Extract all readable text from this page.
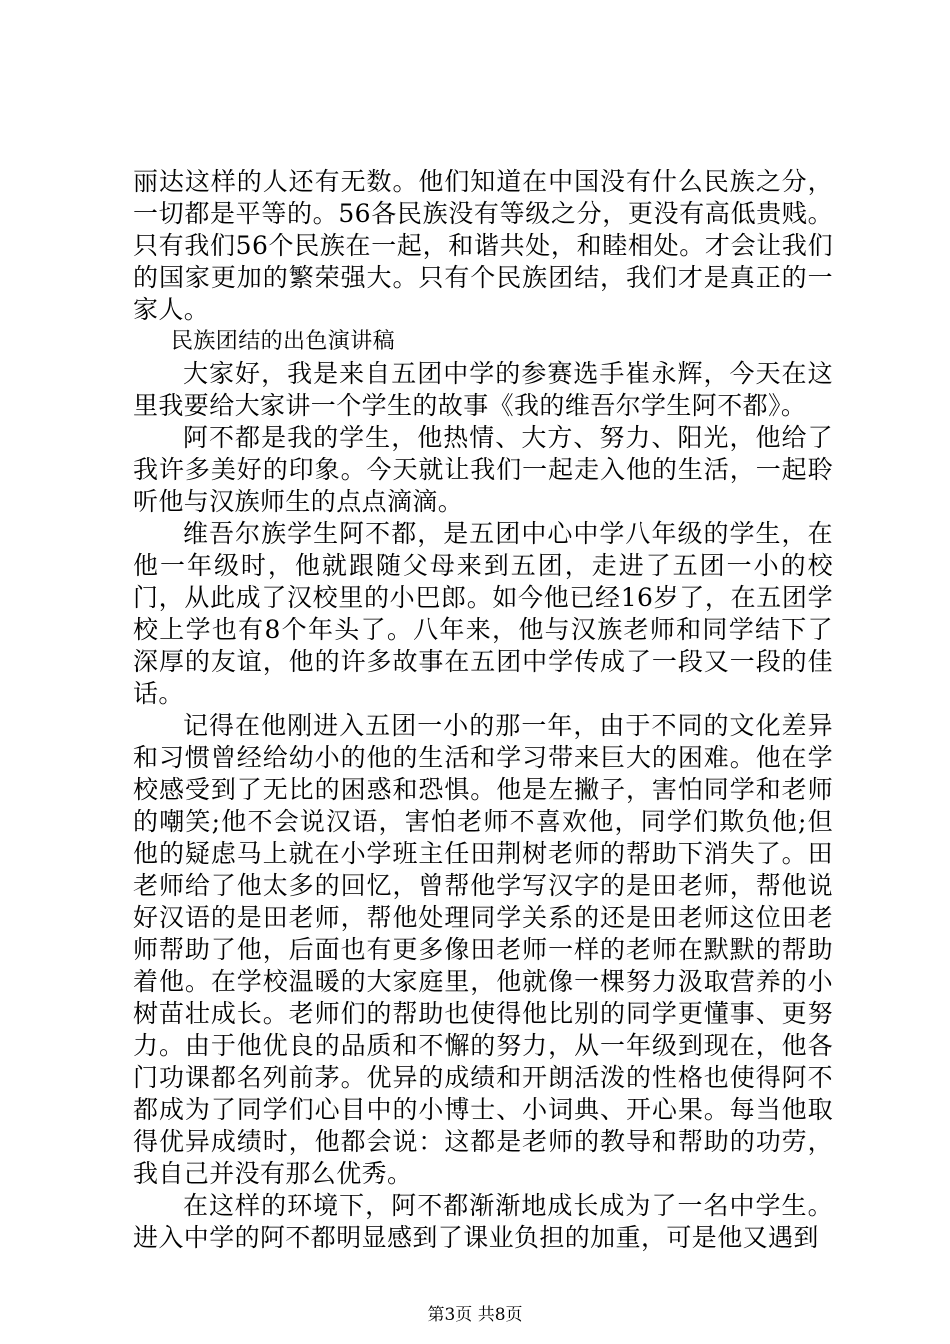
丽达这样的人还有无数。他们知道在中国没有什么民族之分，一切都是平等的。56各民族没有等级之分，更没有高低贵贱。只有我们56个民族在一起，和谐共处，和睦相处。才会让我们的国家更加的繁荣强大。只有个民族团结，我们才是真正的一家人。

民族团结的出色演讲稿

大家好，我是来自五团中学的参赛选手崔永辉，今天在这里我要给大家讲一个学生的故事《我的维吾尔学生阿不都》。

阿不都是我的学生，他热情、大方、努力、阳光，他给了我许多美好的印象。今天就让我们一起走入他的生活，一起聆听他与汉族师生的点点滴滴。

维吾尔族学生阿不都，是五团中心中学八年级的学生，在他一年级时，他就跟随父母来到五团，走进了五团一小的校门，从此成了汉校里的小巴郎。如今他已经16岁了，在五团学校上学也有8个年头了。八年来，他与汉族老师和同学结下了深厚的友谊，他的许多故事在五团中学传成了一段又一段的佳话。

记得在他刚进入五团一小的那一年，由于不同的文化差异和习惯曾经给幼小的他的生活和学习带来巨大的困难。他在学校感受到了无比的困惑和恐惧。他是左撇子，害怕同学和老师的嘲笑;他不会说汉语，害怕老师不喜欢他，同学们欺负他;但他的疑虑马上就在小学班主任田荆树老师的帮助下消失了。田老师给了他太多的回忆，曾帮他学写汉字的是田老师，帮他说好汉语的是田老师，帮他处理同学关系的还是田老师这位田老师帮助了他，后面也有更多像田老师一样的老师在默默的帮助着他。在学校温暖的大家庭里，他就像一棵努力汲取营养的小树苗壮成长。老师们的帮助也使得他比别的同学更懂事、更努力。由于他优良的品质和不懈的努力，从一年级到现在，他各门功课都名列前茅。优异的成绩和开朗活泼的性格也使得阿不都成为了同学们心目中的小博士、小词典、开心果。每当他取得优异成绩时，他都会说：这都是老师的教导和帮助的功劳，我自己并没有那么优秀。

在这样的环境下，阿不都渐渐地成长成为了一名中学生。进入中学的阿不都明显感到了课业负担的加重，可是他又遇到

第3页 共8页
